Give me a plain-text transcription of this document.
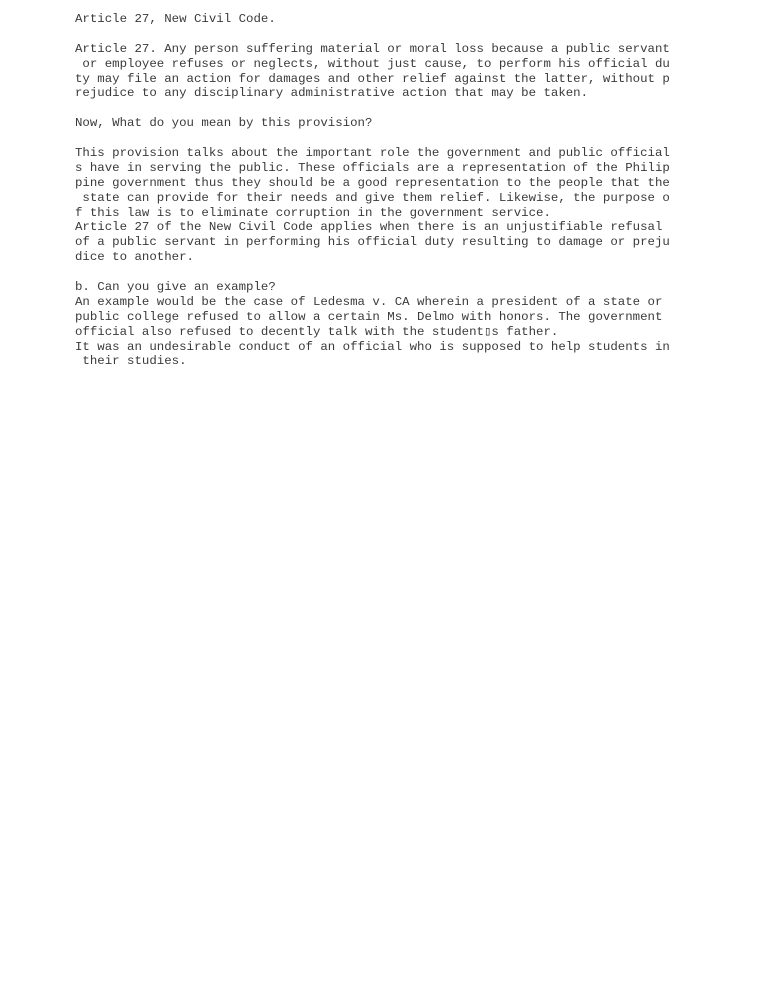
Article 27, New Civil Code.
Article 27. Any person suffering material or moral loss because a public servant
or employee refuses or neglects, without just cause, to perform his official du
ty may file an action for damages and other relief against the latter, without p
rejudice to any disciplinary administrative action that may be taken.
Now, What do you mean by this provision?
This provision talks about the important role the government and public official
s have in serving the public. These officials are a representation of the Philip
pine government thus they should be a good representation to the people that the
state can provide for their needs and give them relief. Likewise, the purpose o
f this law is to eliminate corruption in the government service.
Article 27 of the New Civil Code applies when there is an unjustifiable refusal
of a public servant in performing his official duty resulting to damage or preju
dice to another.
b. Can you give an example?
An example would be the case of Ledesma v. CA wherein a president of a state or
public college refused to allow a certain Ms. Delmo with honors. The government
official also refused to decently talk with the student▯s father.
It was an undesirable conduct of an official who is supposed to help students in
their studies.
